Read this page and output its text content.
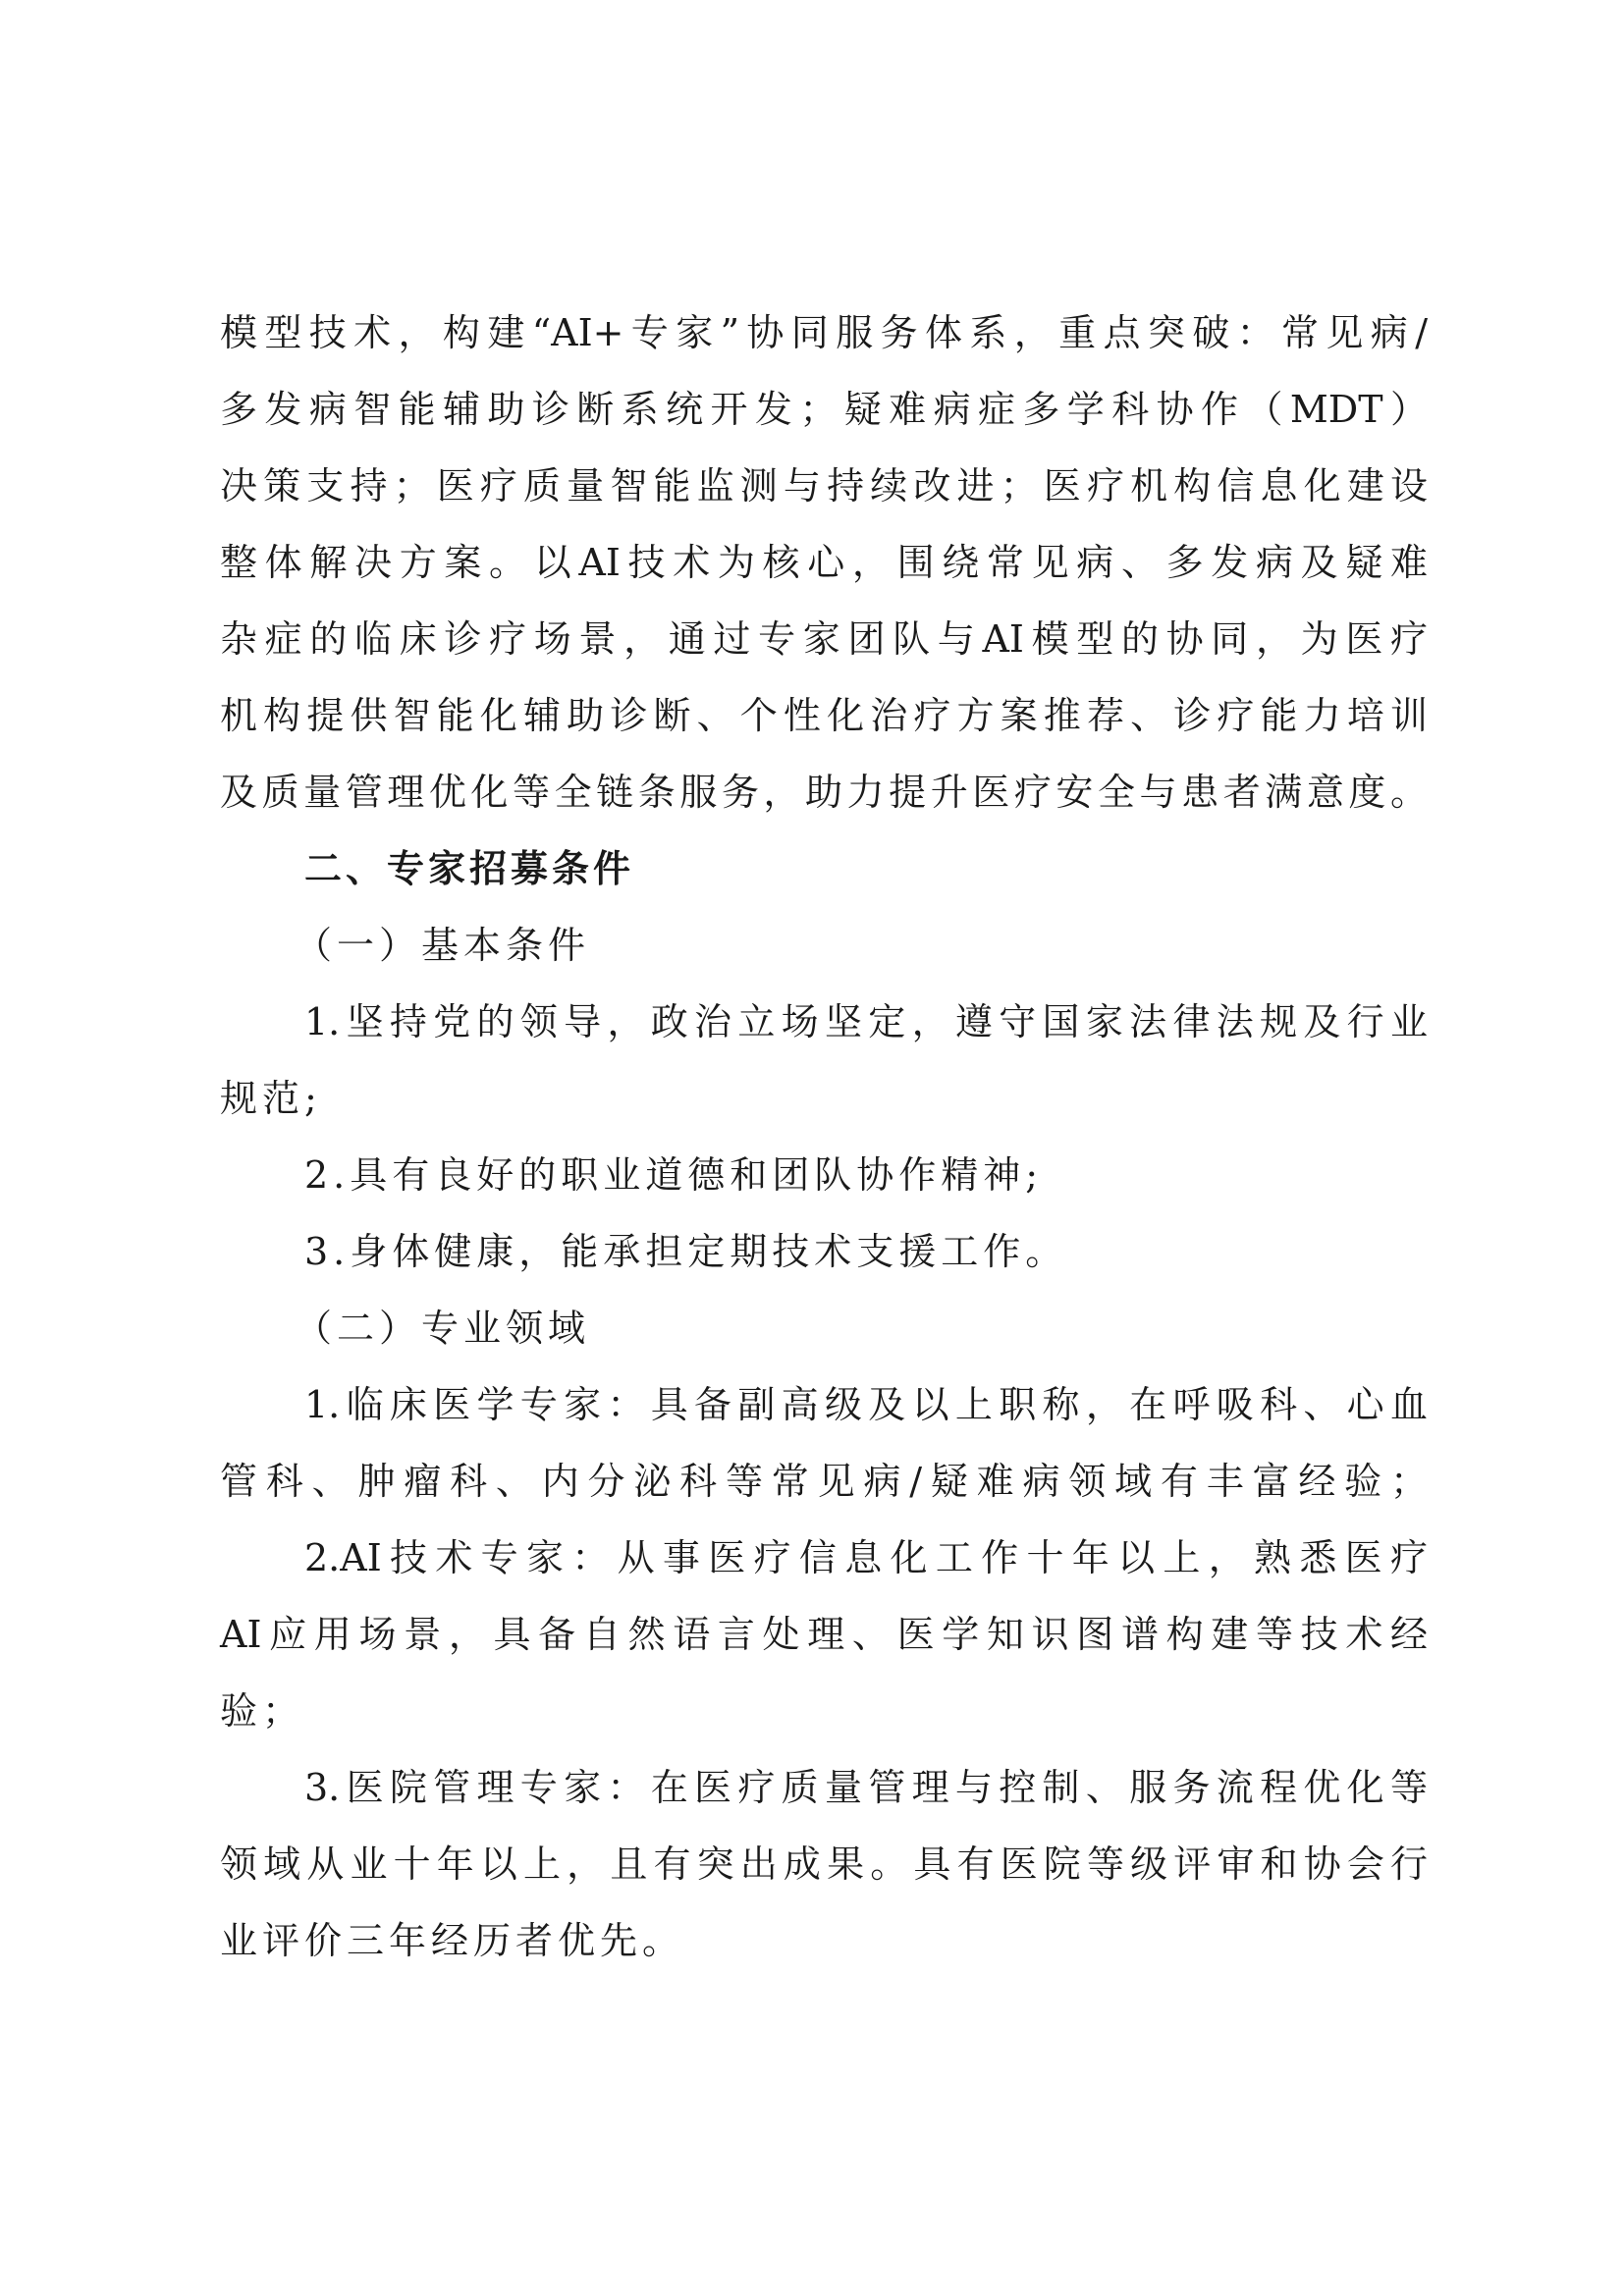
模型技术，构建“AI+专家”协同服务体系，重点突破：常见病/
多发病智能辅助诊断系统开发；疑难病症多学科协作（MDT）
决策支持；医疗质量智能监测与持续改进；医疗机构信息化建设
整体解决方案。以AI技术为核心，围绕常见病、多发病及疑难
杂症的临床诊疗场景，通过专家团队与AI模型的协同，为医疗
机构提供智能化辅助诊断、个性化治疗方案推荐、诊疗能力培训
及质量管理优化等全链条服务，助力提升医疗安全与患者满意度。
二、专家招募条件
（一）基本条件
1.坚持党的领导，政治立场坚定，遵守国家法律法规及行业
规范;
2.具有良好的职业道德和团队协作精神;
3.身体健康，能承担定期技术支援工作。
（二）专业领域
1.临床医学专家：具备副高级及以上职称，在呼吸科、心血
管科、肿瘤科、内分泌科等常见病/疑难病领域有丰富经验；
2.AI技术专家：从事医疗信息化工作十年以上，熟悉医疗
AI应用场景，具备自然语言处理、医学知识图谱构建等技术经
验；
3.医院管理专家：在医疗质量管理与控制、服务流程优化等
领域从业十年以上，且有突出成果。具有医院等级评审和协会行
业评价三年经历者优先。
